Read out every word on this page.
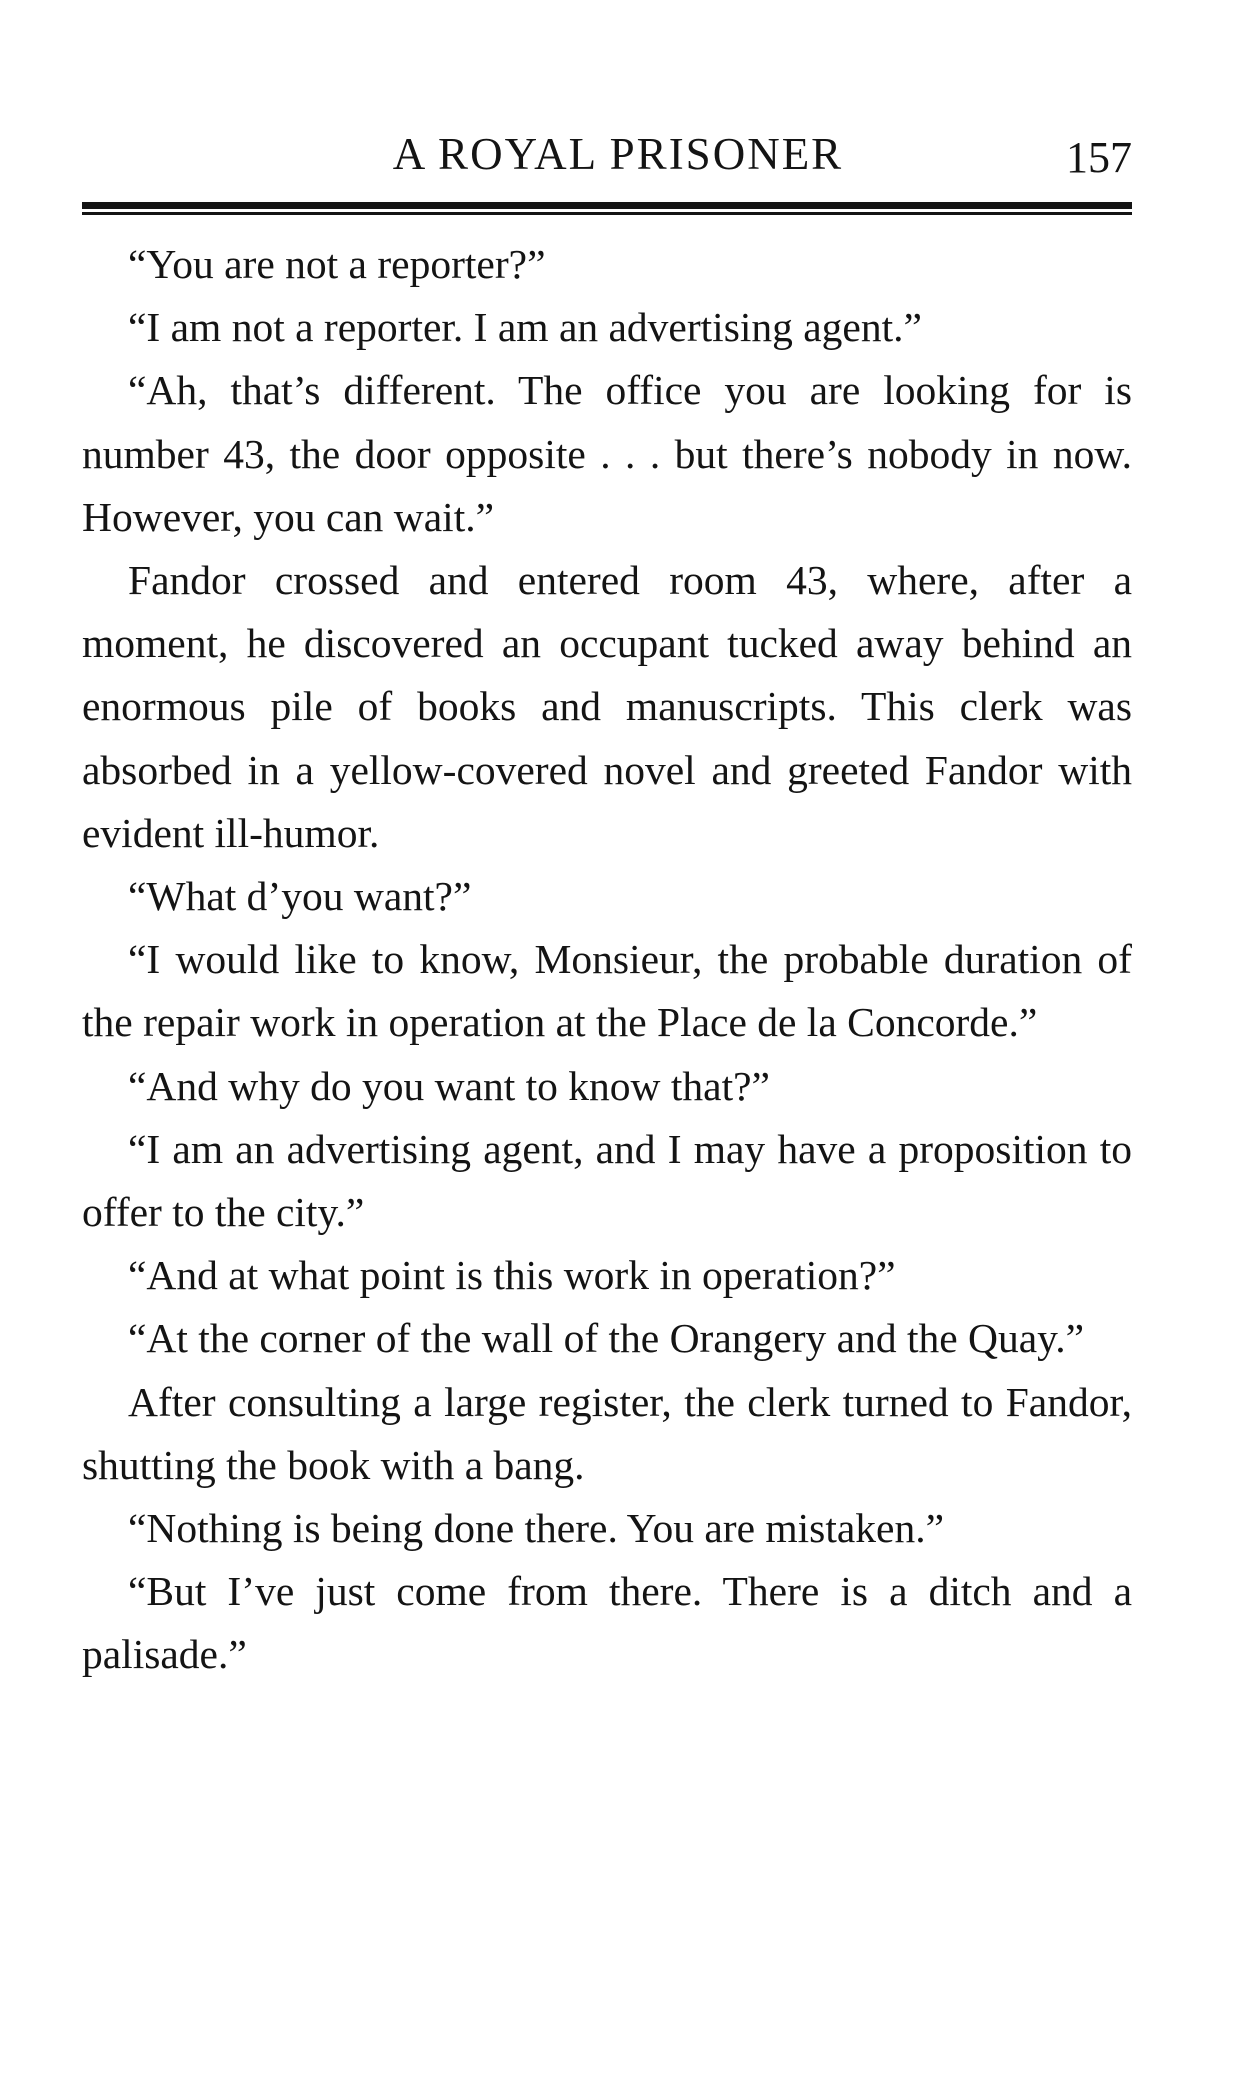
A ROYAL PRISONER	157

“You are not a reporter?”

“I am not a reporter. I am an advertising agent.”

“Ah, that’s different. The office you are looking for is number 43, the door opposite . . . but there’s nobody in now. However, you can wait.”

Fandor crossed and entered room 43, where, after a moment, he discovered an occupant tucked away behind an enormous pile of books and manuscripts. This clerk was absorbed in a yellow-covered novel and greeted Fandor with evident ill-humor.

“What d’you want?”

“I would like to know, Monsieur, the probable duration of the repair work in operation at the Place de la Concorde.”

“And why do you want to know that?”

“I am an advertising agent, and I may have a proposition to offer to the city.”

“And at what point is this work in operation?”

“At the corner of the wall of the Orangery and the Quay.”

After consulting a large register, the clerk turned to Fandor, shutting the book with a bang.

“Nothing is being done there. You are mistaken.”

“But I’ve just come from there. There is a ditch and a palisade.”
